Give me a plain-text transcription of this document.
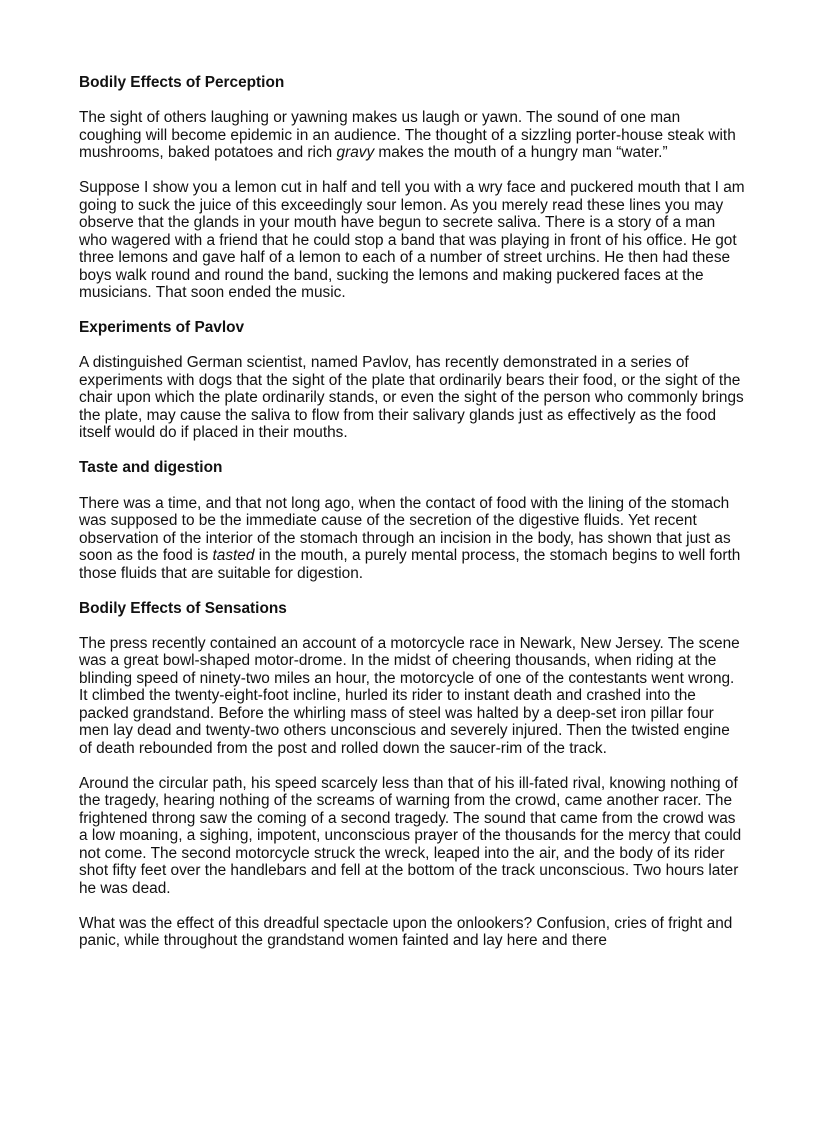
Bodily Effects of Perception

The sight of others laughing or yawning makes us laugh or yawn. The sound of one man coughing will become epidemic in an audience. The thought of a sizzling porter-house steak with mushrooms, baked potatoes and rich gravy makes the mouth of a hungry man “water.”

Suppose I show you a lemon cut in half and tell you with a wry face and puckered mouth that I am going to suck the juice of this exceedingly sour lemon. As you merely read these lines you may observe that the glands in your mouth have begun to secrete saliva. There is a story of a man who wagered with a friend that he could stop a band that was playing in front of his office. He got three lemons and gave half of a lemon to each of a number of street urchins. He then had these boys walk round and round the band, sucking the lemons and making puckered faces at the musicians. That soon ended the music.

Experiments of Pavlov

A distinguished German scientist, named Pavlov, has recently demonstrated in a series of experiments with dogs that the sight of the plate that ordinarily bears their food, or the sight of the chair upon which the plate ordinarily stands, or even the sight of the person who commonly brings the plate, may cause the saliva to flow from their salivary glands just as effectively as the food itself would do if placed in their mouths.

Taste and digestion

There was a time, and that not long ago, when the contact of food with the lining of the stomach was supposed to be the immediate cause of the secretion of the digestive fluids. Yet recent observation of the interior of the stomach through an incision in the body, has shown that just as soon as the food is tasted in the mouth, a purely mental process, the stomach begins to well forth those fluids that are suitable for digestion.

Bodily Effects of Sensations

The press recently contained an account of a motorcycle race in Newark, New Jersey. The scene was a great bowl-shaped motor-drome. In the midst of cheering thousands, when riding at the blinding speed of ninety-two miles an hour, the motorcycle of one of the contestants went wrong. It climbed the twenty-eight-foot incline, hurled its rider to instant death and crashed into the packed grandstand. Before the whirling mass of steel was halted by a deep-set iron pillar four men lay dead and twenty-two others unconscious and severely injured. Then the twisted engine of death rebounded from the post and rolled down the saucer-rim of the track.

Around the circular path, his speed scarcely less than that of his ill-fated rival, knowing nothing of the tragedy, hearing nothing of the screams of warning from the crowd, came another racer. The frightened throng saw the coming of a second tragedy. The sound that came from the crowd was a low moaning, a sighing, impotent, unconscious prayer of the thousands for the mercy that could not come. The second motorcycle struck the wreck, leaped into the air, and the body of its rider shot fifty feet over the handlebars and fell at the bottom of the track unconscious. Two hours later he was dead.

What was the effect of this dreadful spectacle upon the onlookers? Confusion, cries of fright and panic, while throughout the grandstand women fainted and lay here and there
